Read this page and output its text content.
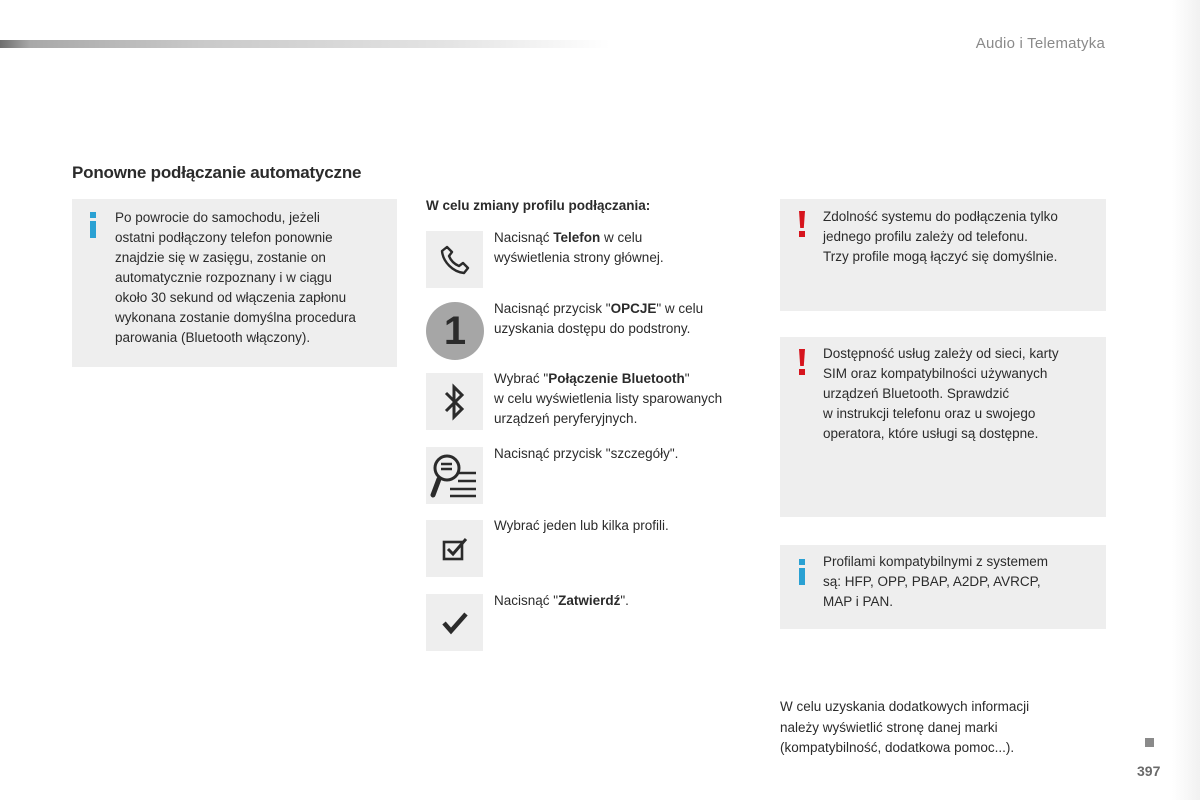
Audio i Telematyka
Ponowne podłączanie automatyczne
Po powrocie do samochodu, jeżeli
ostatni podłączony telefon ponownie
znajdzie się w zasięgu, zostanie on
automatycznie rozpoznany i w ciągu
około 30 sekund od włączenia zapłonu
wykonana zostanie domyślna procedura
parowania (Bluetooth włączony).
W celu zmiany profilu podłączania:
Nacisnąć Telefon w celu
wyświetlenia strony głównej.
1 Nacisnąć przycisk "OPCJE" w celu
uzyskania dostępu do podstrony.
Wybrać "Połączenie Bluetooth"
w celu wyświetlenia listy sparowanych
urządzeń peryferyjnych.
Nacisnąć przycisk "szczegóły".
Wybrać jeden lub kilka profili.
Nacisnąć "Zatwierdź".
Zdolność systemu do podłączenia tylko
jednego profilu zależy od telefonu.
Trzy profile mogą łączyć się domyślnie.
Dostępność usług zależy od sieci, karty
SIM oraz kompatybilności używanych
urządzeń Bluetooth. Sprawdzić
w instrukcji telefonu oraz u swojego
operatora, które usługi są dostępne.
Profilami kompatybilnymi z systemem
są: HFP, OPP, PBAP, A2DP, AVRCP,
MAP i PAN.
W celu uzyskania dodatkowych informacji
należy wyświetlić stronę danej marki
(kompatybilność, dodatkowa pomoc...).
397
